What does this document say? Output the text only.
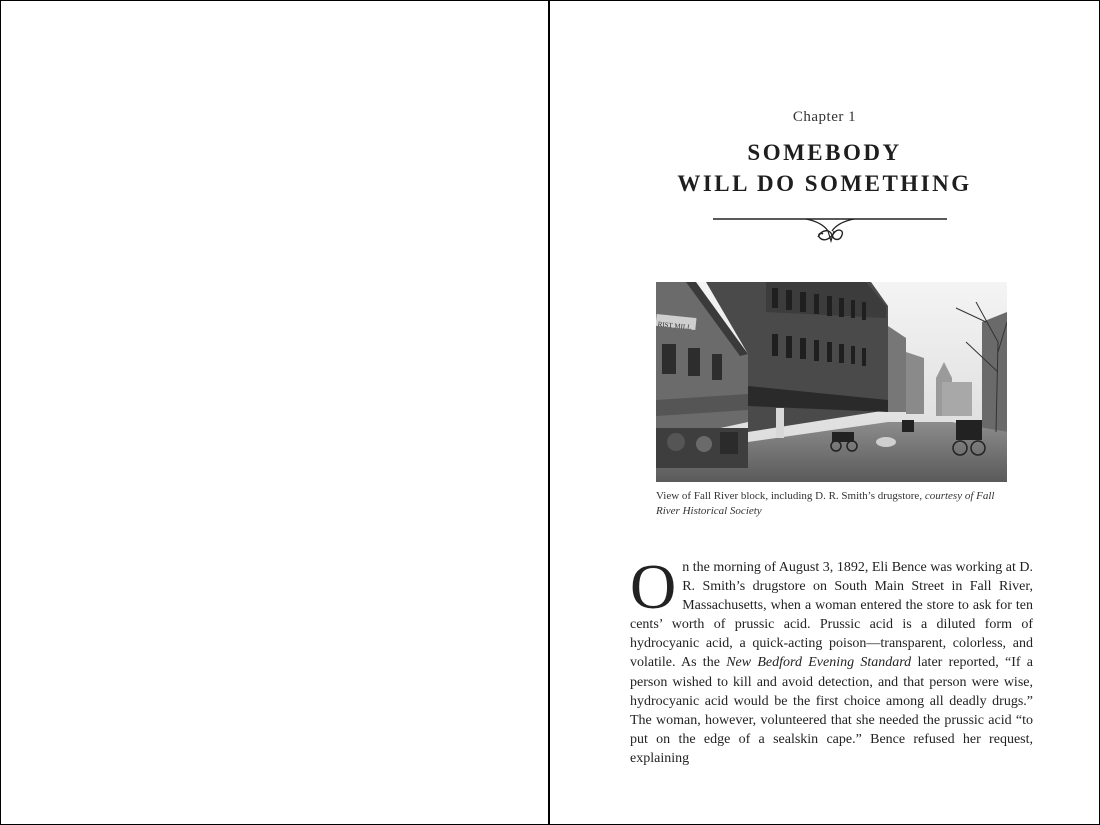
Chapter 1
SOMEBODY
WILL DO SOMETHING
RIST MILL
View of Fall River block, including D. R. Smith’s drugstore, courtesy of Fall River Historical Society

On the morning of August 3, 1892, Eli Bence was working at D. R. Smith’s drugstore on South Main Street in Fall River, Massachusetts, when a woman entered the store to ask for ten cents’ worth of prussic acid. Prussic acid is a diluted form of hydrocyanic acid, a quick-acting poison—transparent, colorless, and volatile. As the New Bedford Evening Standard later reported, “If a person wished to kill and avoid detection, and that person were wise, hydrocyanic acid would be the first choice among all deadly drugs.” The woman, however, volunteered that she needed the prussic acid “to put on the edge of a sealskin cape.” Bence refused her request, explaining
